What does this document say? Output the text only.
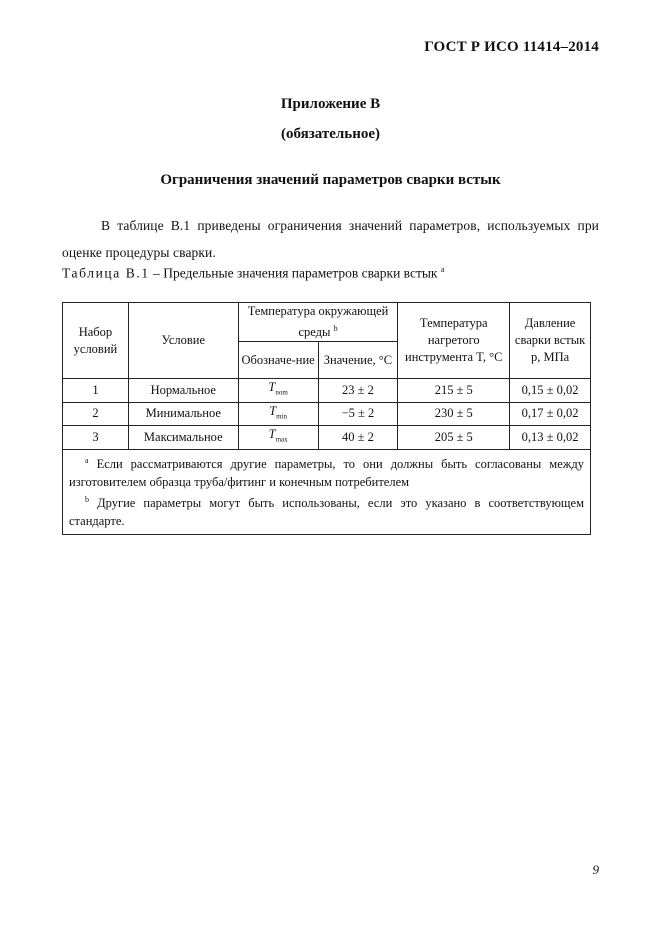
ГОСТ Р ИСО 11414–2014
Приложение В
(обязательное)
Ограничения значений параметров сварки встык
В таблице В.1 приведены ограничения значений параметров, используемых при оценке процедуры сварки.
Таблица В.1 – Предельные значения параметров сварки встык $^a$
Набор условий	Условие	Температура окружающей среды $^b$		Температура нагретого инструмента T, °С	Давление сварки встык p, МПа
		Обозначе-ние	Значение, °С		
1	Нормальное	$T_{nom}$	23 ± 2	215 ± 5	0,15 ± 0,02
2	Минимальное	$T_{min}$	−5 ± 2	230 ± 5	0,17 ± 0,02
3	Максимальное	$T_{max}$	40 ± 2	205 ± 5	0,13 ± 0,02

$^a$ Если рассматриваются другие параметры, то они должны быть согласованы между изготовителем образца труба/фитинг и конечным потребителем
$^b$ Другие параметры могут быть использованы, если это указано в соответствующем стандарте.					
9
